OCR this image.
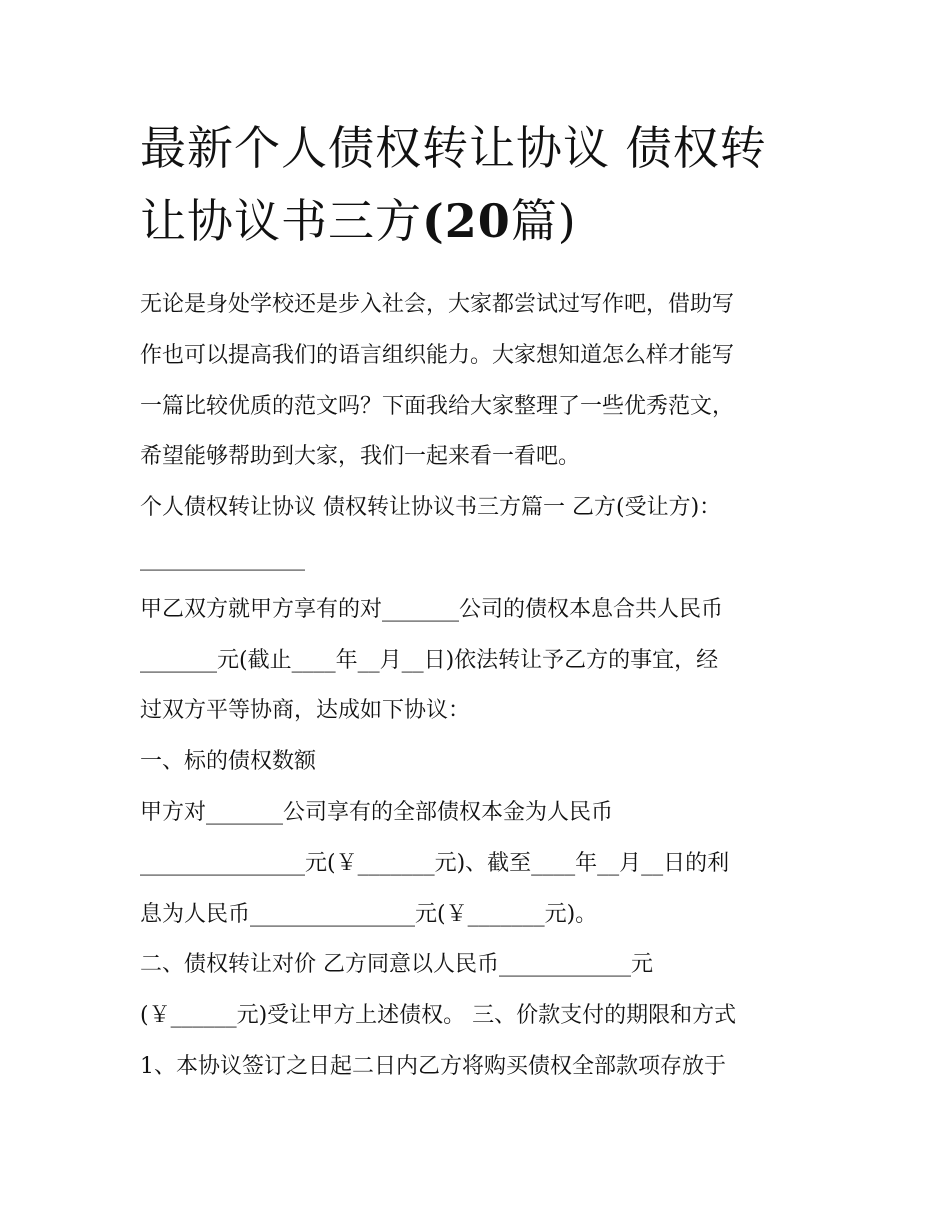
最新个人债权转让协议 债权转
让协议书三方(20篇)
无论是身处学校还是步入社会，大家都尝试过写作吧，借助写
作也可以提高我们的语言组织能力。大家想知道怎么样才能写
一篇比较优质的范文吗？下面我给大家整理了一些优秀范文，
希望能够帮助到大家，我们一起来看一看吧。
个人债权转让协议 债权转让协议书三方篇一 乙方(受让方)：
_______________
甲乙双方就甲方享有的对_______公司的债权本息合共人民币
_______元(截止____年__月__日)依法转让予乙方的事宜，经
过双方平等协商，达成如下协议：
一、标的债权数额
甲方对_______公司享有的全部债权本金为人民币
_______________元(￥_______元)、截至____年__月__日的利
息为人民币_______________元(￥_______元)。
二、债权转让对价 乙方同意以人民币____________元
(￥______元)受让甲方上述债权。 三、价款支付的期限和方式
1、本协议签订之日起二日内乙方将购买债权全部款项存放于
